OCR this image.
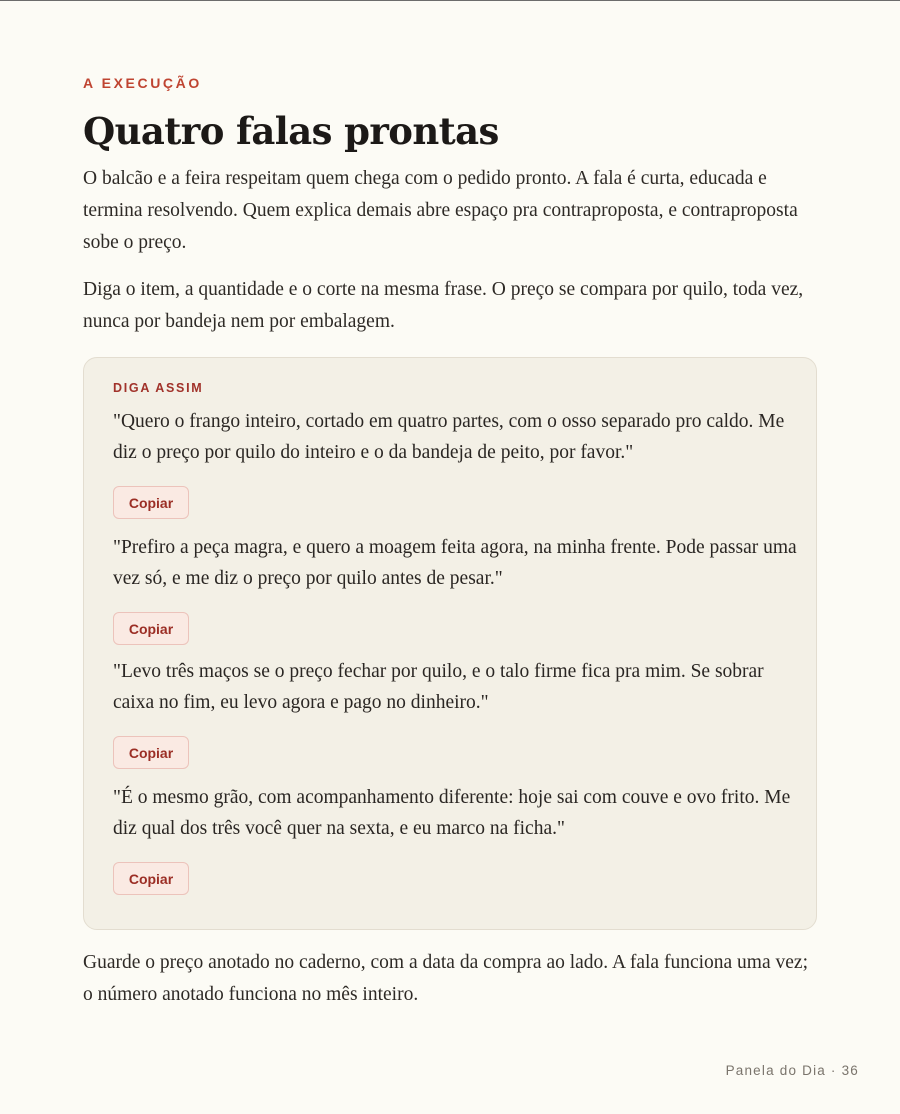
A EXECUÇÃO
Quatro falas prontas

O balcão e a feira respeitam quem chega com o pedido pronto. A fala é curta, educada e termina resolvendo. Quem explica demais abre espaço pra contraproposta, e contraproposta sobe o preço.

Diga o item, a quantidade e o corte na mesma frase. O preço se compara por quilo, toda vez, nunca por bandeja nem por embalagem.

DIGA ASSIM

"Quero o frango inteiro, cortado em quatro partes, com o osso separado pro caldo. Me diz o preço por quilo do inteiro e o da bandeja de peito, por favor."

Copiar

"Prefiro a peça magra, e quero a moagem feita agora, na minha frente. Pode passar uma vez só, e me diz o preço por quilo antes de pesar."

Copiar

"Levo três maços se o preço fechar por quilo, e o talo firme fica pra mim. Se sobrar caixa no fim, eu levo agora e pago no dinheiro."

Copiar

"É o mesmo grão, com acompanhamento diferente: hoje sai com couve e ovo frito. Me diz qual dos três você quer na sexta, e eu marco na ficha."

Copiar

Guarde o preço anotado no caderno, com a data da compra ao lado. A fala funciona uma vez; o número anotado funciona no mês inteiro.

Panela do Dia · 36
